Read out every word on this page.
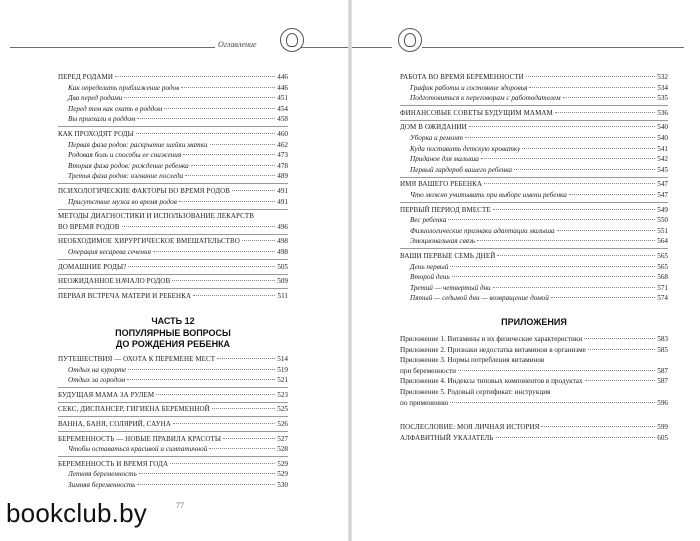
Оглавление
ПЕРЕД РОДАМИ	446
Как определить приближение родов	446
Два перед родами	451
Перед тем как ехать в роддом	454
Вы приехали в роддом	458
КАК ПРОХОДЯТ РОДЫ	460
Первая фаза родов: раскрытие шейки матки	462
Родовая боль и способы ее снижения	473
Вторая фаза родов: рождение ребенка	478
Третья фаза родов: изгнание последа	489
ПСИХОЛОГИЧЕСКИЕ ФАКТОРЫ ВО ВРЕМЯ РОДОВ	491
Присутствие мужа во время родов	491
МЕТОДЫ ДИАГНОСТИКИ И ИСПОЛЬЗОВАНИЕ ЛЕКАРСТВ
ВО ВРЕМЯ РОДОВ	496
НЕОБХОДИМОЕ ХИРУРГИЧЕСКОЕ ВМЕШАТЕЛЬСТВО	498
Операция кесарева сечения	498
ДОМАШНИЕ РОДЫ?	505
НЕОЖИДАННОЕ НАЧАЛО РОДОВ	509
ПЕРВАЯ ВСТРЕЧА МАТЕРИ И РЕБЕНКА	511
ЧАСТЬ 12
ПОПУЛЯРНЫЕ ВОПРОСЫ
ДО РОЖДЕНИЯ РЕБЕНКА
ПУТЕШЕСТВИЯ — ОХОТА К ПЕРЕМЕНЕ МЕСТ	514
Отдых на курорте	519
Отдых за городом	521
БУДУЩАЯ МАМА ЗА РУЛЕМ	523
СЕКС, ДИСПАНСЕР, ГИГИЕНА БЕРЕМЕННОЙ	525
ВАННА, БАНЯ, СОЛЯРИЙ, САУНА	526
БЕРЕМЕННОСТЬ — НОВЫЕ ПРАВИЛА КРАСОТЫ	527
Чтобы оставаться красивой и симпатичной	528
БЕРЕМЕННОСТЬ И ВРЕМЯ ГОДА	529
Летняя беременность	529
Зимняя беременность	530
РАБОТА ВО ВРЕМЯ БЕРЕМЕННОСТИ	532
График работы и состояние здоровья	534
Подготовиться к переговорам с работодателем	535
ФИНАНСОВЫЕ СОВЕТЫ БУДУЩИМ МАМАМ	536
ДОМ В ОЖИДАНИИ	540
Уборка и ремонт	540
Куда поставить детскую кроватку	541
Приданое для малыша	542
Первый гардероб вашего ребенка	545
ИМЯ ВАШЕГО РЕБЕНКА	547
Что можно учитывать при выборе имени ребенка	547
ПЕРВЫЙ ПЕРИОД ВМЕСТЕ	549
Вес ребенка	550
Физиологические признаки адаптации малыша	551
Эмоциональная связь	564
ВАШИ ПЕРВЫЕ СЕМЬ ДНЕЙ	565
День первый	565
Второй день	568
Третий — четвертый дни	571
Пятый — седьмой дни — возвращение домой	574
ПРИЛОЖЕНИЯ
Приложение 1. Витамины и их физические характеристики	583
Приложение 2. Признаки недостатка витаминов в организме	585
Приложение 3. Нормы потребления витаминов
при беременности	587
Приложение 4. Индексы типовых компонентов в продуктах	587
Приложение 5. Родовый сертификат: инструкция
по применению	596
ПОСЛЕСЛОВИЕ: МОЯ ЛИЧНАЯ ИСТОРИЯ	599
АЛФАВИТНЫЙ УКАЗАТЕЛЬ	605
77
bookclub.by
